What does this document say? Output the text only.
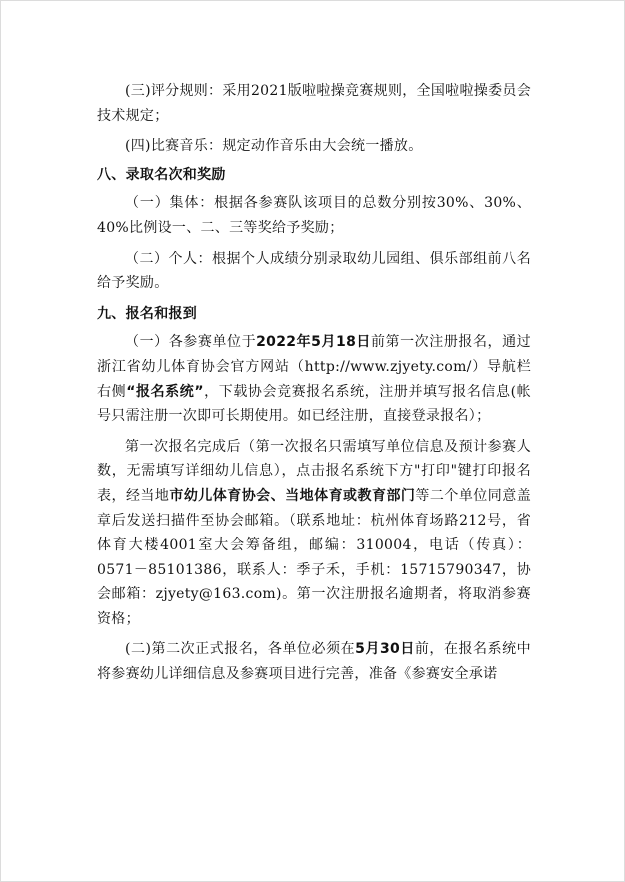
(三)评分规则：采用2021版啦啦操竞赛规则，全国啦啦操委员会技术规定；

(四)比赛音乐：规定动作音乐由大会统一播放。

八、录取名次和奖励

（一）集体：根据各参赛队该项目的总数分别按30%、30%、40%比例设一、二、三等奖给予奖励；

（二）个人：根据个人成绩分别录取幼儿园组、俱乐部组前八名给予奖励。

九、报名和报到

（一）各参赛单位于2022年5月18日前第一次注册报名，通过浙江省幼儿体育协会官方网站（http://www.zjyety.com/）导航栏右侧“报名系统”，下载协会竞赛报名系统，注册并填写报名信息(帐号只需注册一次即可长期使用。如已经注册，直接登录报名）；

第一次报名完成后（第一次报名只需填写单位信息及预计参赛人数，无需填写详细幼儿信息），点击报名系统下方"打印"键打印报名表，经当地市幼儿体育协会、当地体育或教育部门等二个单位同意盖章后发送扫描件至协会邮箱。（联系地址：杭州体育场路212号，省体育大楼4001室大会筹备组，邮编：310004，电话（传真）：0571－85101386，联系人：季子禾，手机：15715790347，协会邮箱：zjyety@163.com)。第一次注册报名逾期者，将取消参赛资格；

(二)第二次正式报名，各单位必须在5月30日前，在报名系统中将参赛幼儿详细信息及参赛项目进行完善，准备《参赛安全承诺
